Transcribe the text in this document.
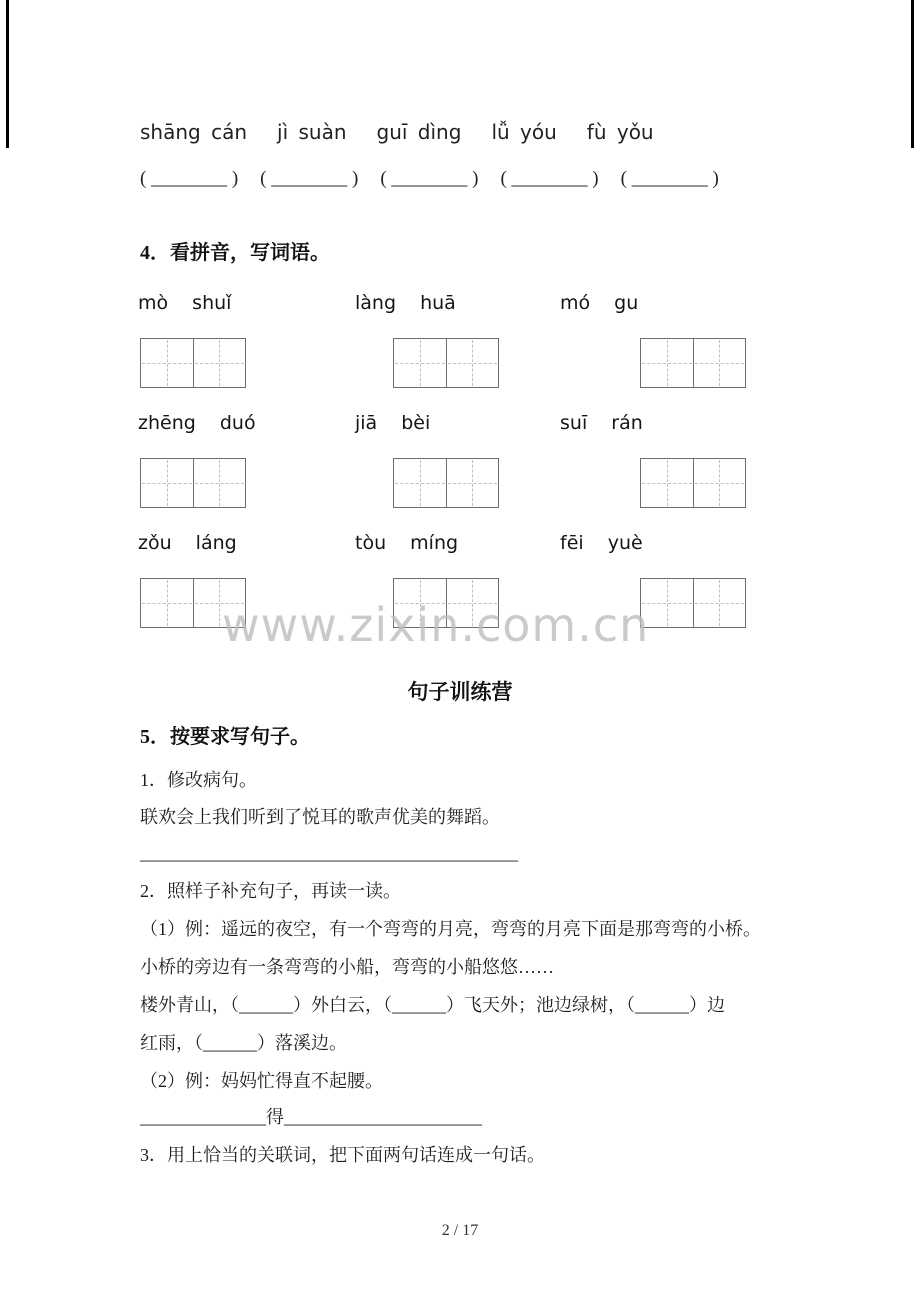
shāng cán jì suàn guī dìng lǚ yóu fù yǒu
( ________ ) ( ________ ) ( ________ ) ( ________ ) ( ________ )
4．看拼音，写词语。
mò shuǐ	làng huā	mó gu
zhēng duó	jiā bèi	suī rán
zǒu láng	tòu míng	fēi yuè
www.zixin.com.cn
句子训练营
5．按要求写句子。
1．修改病句。
联欢会上我们听到了悦耳的歌声优美的舞蹈。
__________________________________________
2．照样子补充句子，再读一读。
（1）例：遥远的夜空，有一个弯弯的月亮，弯弯的月亮下面是那弯弯的小桥。
小桥的旁边有一条弯弯的小船，弯弯的小船悠悠……
楼外青山，（______）外白云，（______）飞天外；池边绿树，（______）边
红雨，（______）落溪边。
（2）例：妈妈忙得直不起腰。
______________得______________________
3．用上恰当的关联词，把下面两句话连成一句话。
2 / 17
